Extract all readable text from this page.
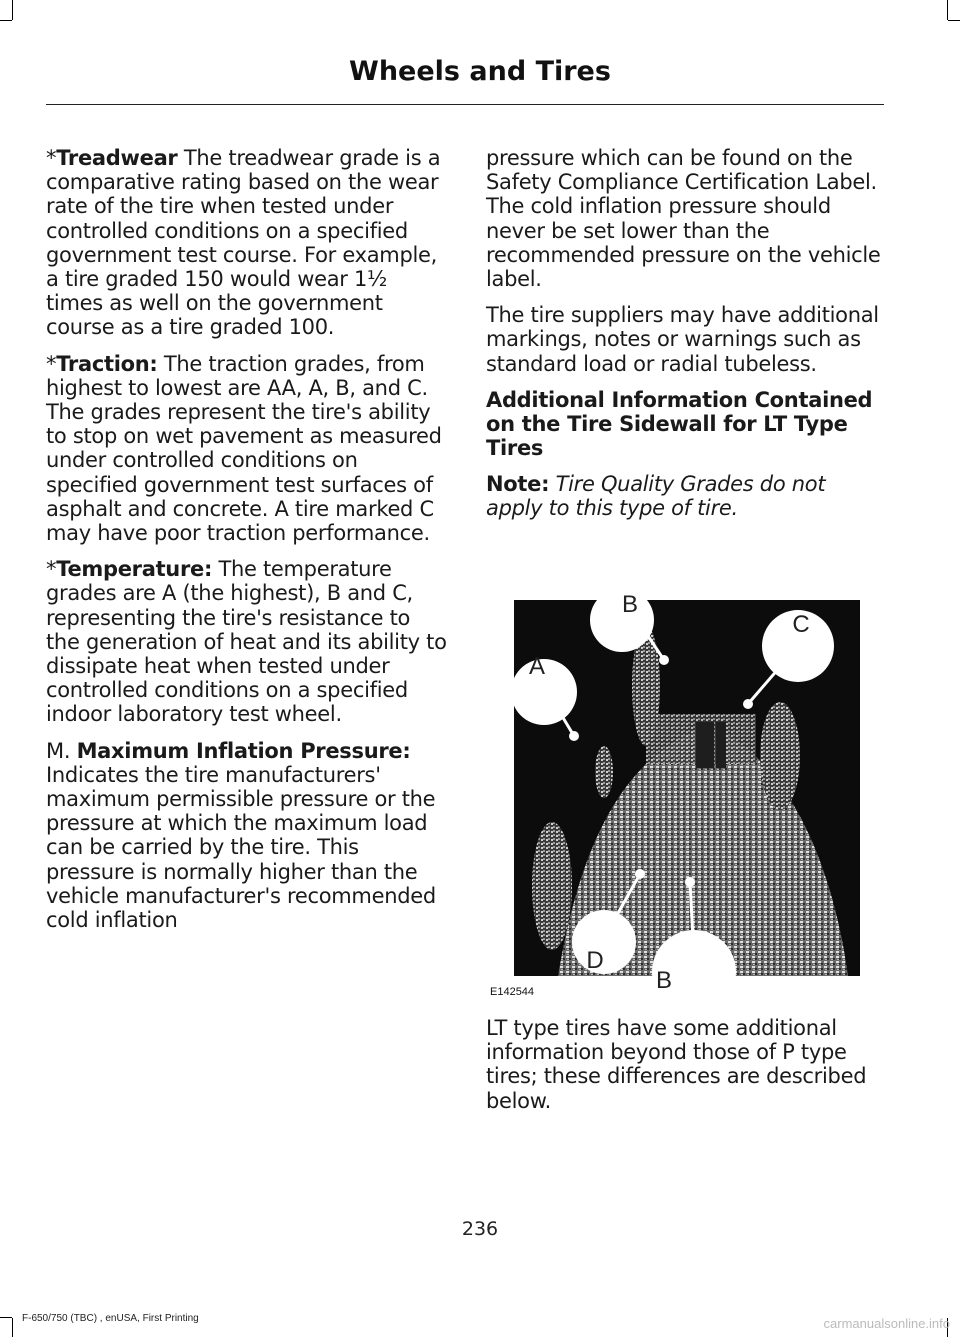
Wheels and Tires

*Treadwear The treadwear grade is a comparative rating based on the wear rate of the tire when tested under controlled conditions on a specified government test course. For example, a tire graded 150 would wear 1½ times as well on the government course as a tire graded 100.

*Traction: The traction grades, from highest to lowest are AA, A, B, and C. The grades represent the tire's ability to stop on wet pavement as measured under controlled conditions on specified government test surfaces of asphalt and concrete. A tire marked C may have poor traction performance.

*Temperature: The temperature grades are A (the highest), B and C, representing the tire's resistance to the generation of heat and its ability to dissipate heat when tested under controlled conditions on a specified indoor laboratory test wheel.

M. Maximum Inflation Pressure: Indicates the tire manufacturers' maximum permissible pressure or the pressure at which the maximum load can be carried by the tire. This pressure is normally higher than the vehicle manufacturer's recommended cold inflation

pressure which can be found on the Safety Compliance Certification Label. The cold inflation pressure should never be set lower than the recommended pressure on the vehicle label.

The tire suppliers may have additional markings, notes or warnings such as standard load or radial tubeless.

Additional Information Contained on the Tire Sidewall for LT Type Tires

Note: Tire Quality Grades do not apply to this type of tire.

B
C
A
D
B
E142544

LT type tires have some additional information beyond those of P type tires; these differences are described below.

236
F-650/750 (TBC) , enUSA, First Printing	carmanualsonline.info
